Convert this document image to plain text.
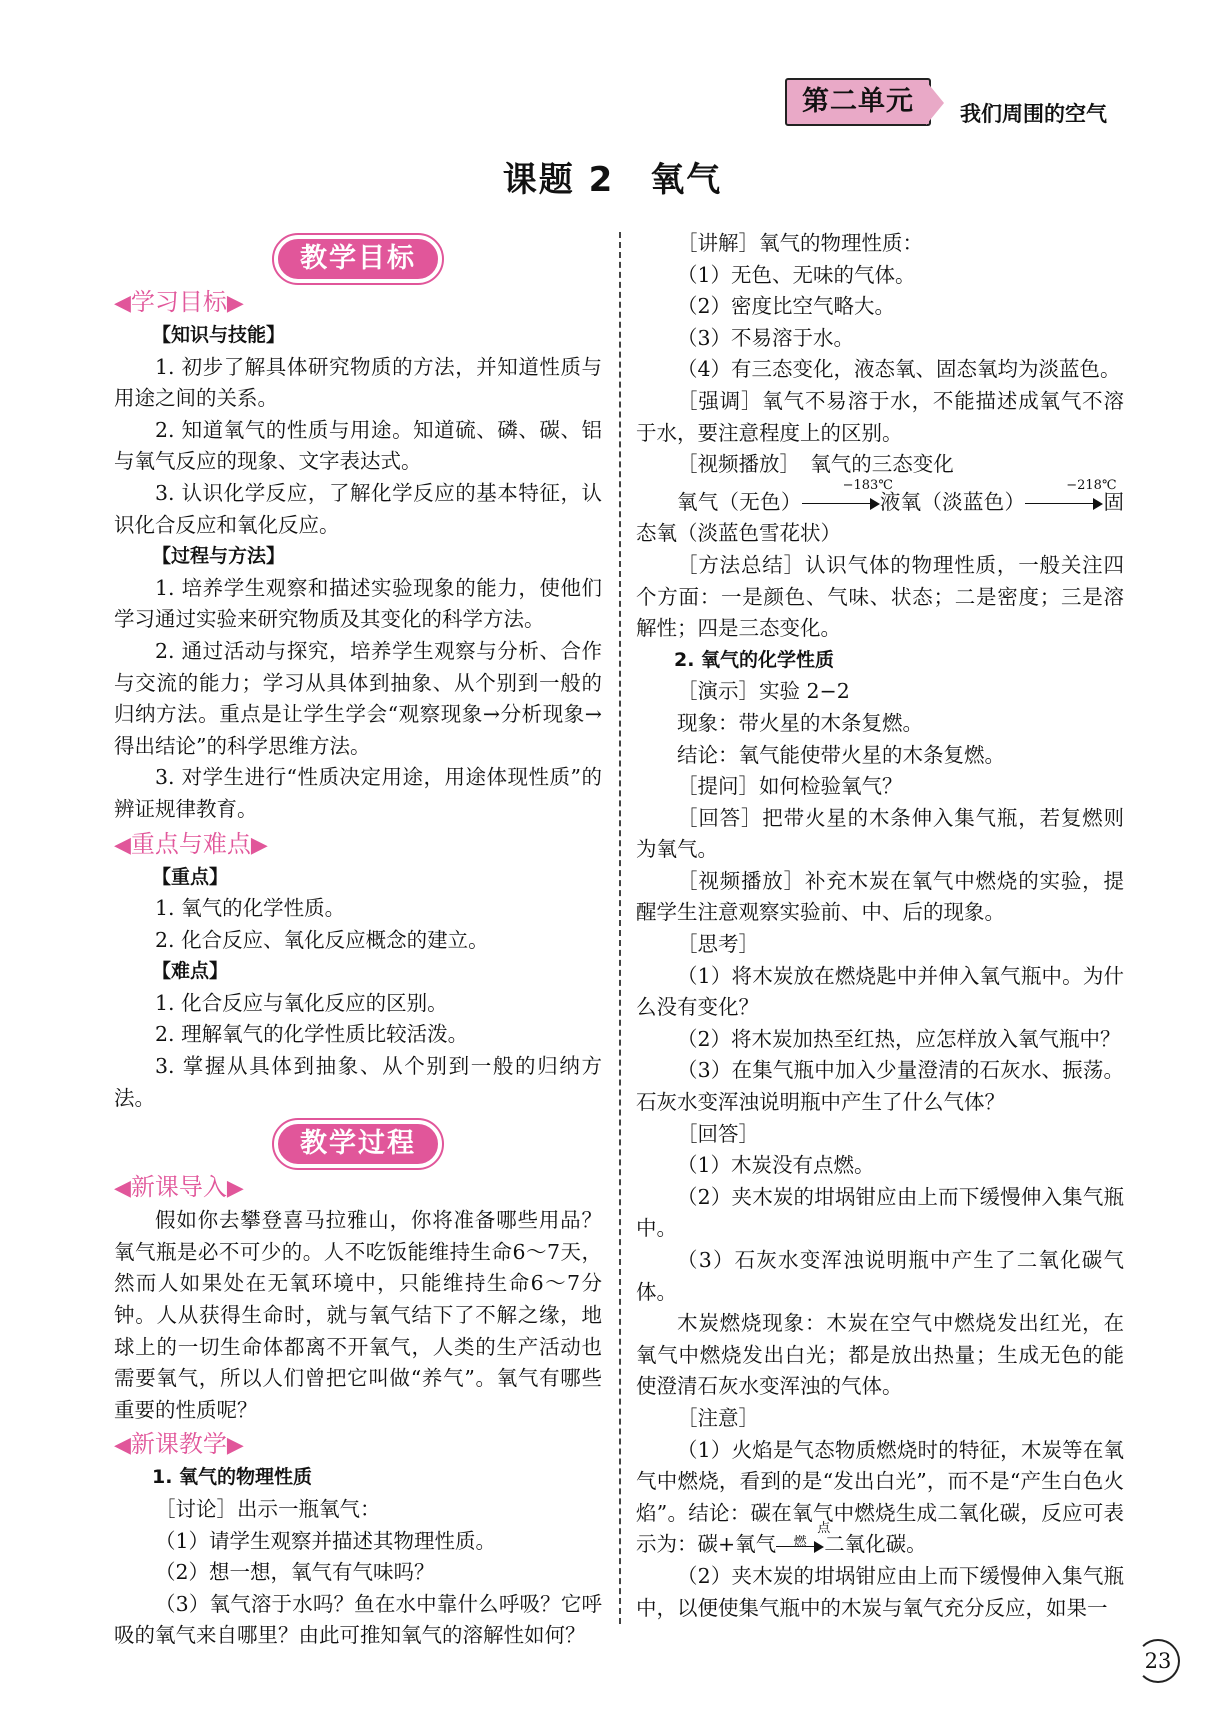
第二单元	我们周围的空气
课题 2　氧气
教学目标
◀学习目标▶

【知识与技能】

1. 初步了解具体研究物质的方法，并知道性质与用途之间的关系。

2. 知道氧气的性质与用途。知道硫、磷、碳、铝与氧气反应的现象、文字表达式。

3. 认识化学反应，了解化学反应的基本特征，认识化合反应和氧化反应。

【过程与方法】

1. 培养学生观察和描述实验现象的能力，使他们学习通过实验来研究物质及其变化的科学方法。

2. 通过活动与探究，培养学生观察与分析、合作与交流的能力；学习从具体到抽象、从个别到一般的归纳方法。重点是让学生学会“观察现象→分析现象→得出结论”的科学思维方法。

3. 对学生进行“性质决定用途，用途体现性质”的辨证规律教育。

◀重点与难点▶

【重点】

1. 氧气的化学性质。

2. 化合反应、氧化反应概念的建立。

【难点】

1. 化合反应与氧化反应的区别。

2. 理解氧气的化学性质比较活泼。

3. 掌握从具体到抽象、从个别到一般的归纳方法。

教学过程
◀新课导入▶

假如你去攀登喜马拉雅山，你将准备哪些用品？氧气瓶是必不可少的。人不吃饭能维持生命6～7天，然而人如果处在无氧环境中，只能维持生命6～7分钟。人从获得生命时，就与氧气结下了不解之缘，地球上的一切生命体都离不开氧气，人类的生产活动也需要氧气，所以人们曾把它叫做“养气”。氧气有哪些重要的性质呢？

◀新课教学▶

1. 氧气的物理性质

［讨论］出示一瓶氧气：

（1）请学生观察并描述其物理性质。

（2）想一想，氧气有气味吗？

（3）氧气溶于水吗？鱼在水中靠什么呼吸？它呼吸的氧气来自哪里？由此可推知氧气的溶解性如何？

［讲解］氧气的物理性质：

（1）无色、无味的气体。

（2）密度比空气略大。

（3）不易溶于水。

（4）有三态变化，液态氧、固态氧均为淡蓝色。

［强调］氧气不易溶于水，不能描述成氧气不溶于水，要注意程度上的区别。

［视频播放］　氧气的三态变化

氧气（无色）
−183℃
液氧（淡蓝色）
−218℃
固态氧（淡蓝色雪花状）

［方法总结］认识气体的物理性质，一般关注四个方面：一是颜色、气味、状态；二是密度；三是溶解性；四是三态变化。

2. 氧气的化学性质

［演示］实验 2−2

现象：带火星的木条复燃。

结论：氧气能使带火星的木条复燃。

［提问］如何检验氧气？

［回答］把带火星的木条伸入集气瓶，若复燃则为氧气。

［视频播放］补充木炭在氧气中燃烧的实验，提醒学生注意观察实验前、中、后的现象。

［思考］

（1）将木炭放在燃烧匙中并伸入氧气瓶中。为什么没有变化？

（2）将木炭加热至红热，应怎样放入氧气瓶中？

（3）在集气瓶中加入少量澄清的石灰水、振荡。石灰水变浑浊说明瓶中产生了什么气体？

［回答］

（1）木炭没有点燃。

（2）夹木炭的坩埚钳应由上而下缓慢伸入集气瓶中。

（3）石灰水变浑浊说明瓶中产生了二氧化碳气体。

木炭燃烧现象：木炭在空气中燃烧发出红光，在氧气中燃烧发出白光；都是放出热量；生成无色的能使澄清石灰水变浑浊的气体。

［注意］

（1）火焰是气态物质燃烧时的特征，木炭等在氧气中燃烧，看到的是“发出白光”，而不是“产生白色火焰”。结论：碳在氧气中燃烧生成二氧化碳，反应可表示为：碳+氧气
点燃 二氧化碳。

（2）夹木炭的坩埚钳应由上而下缓慢伸入集气瓶中，以便使集气瓶中的木炭与氧气充分反应，如果一

23
